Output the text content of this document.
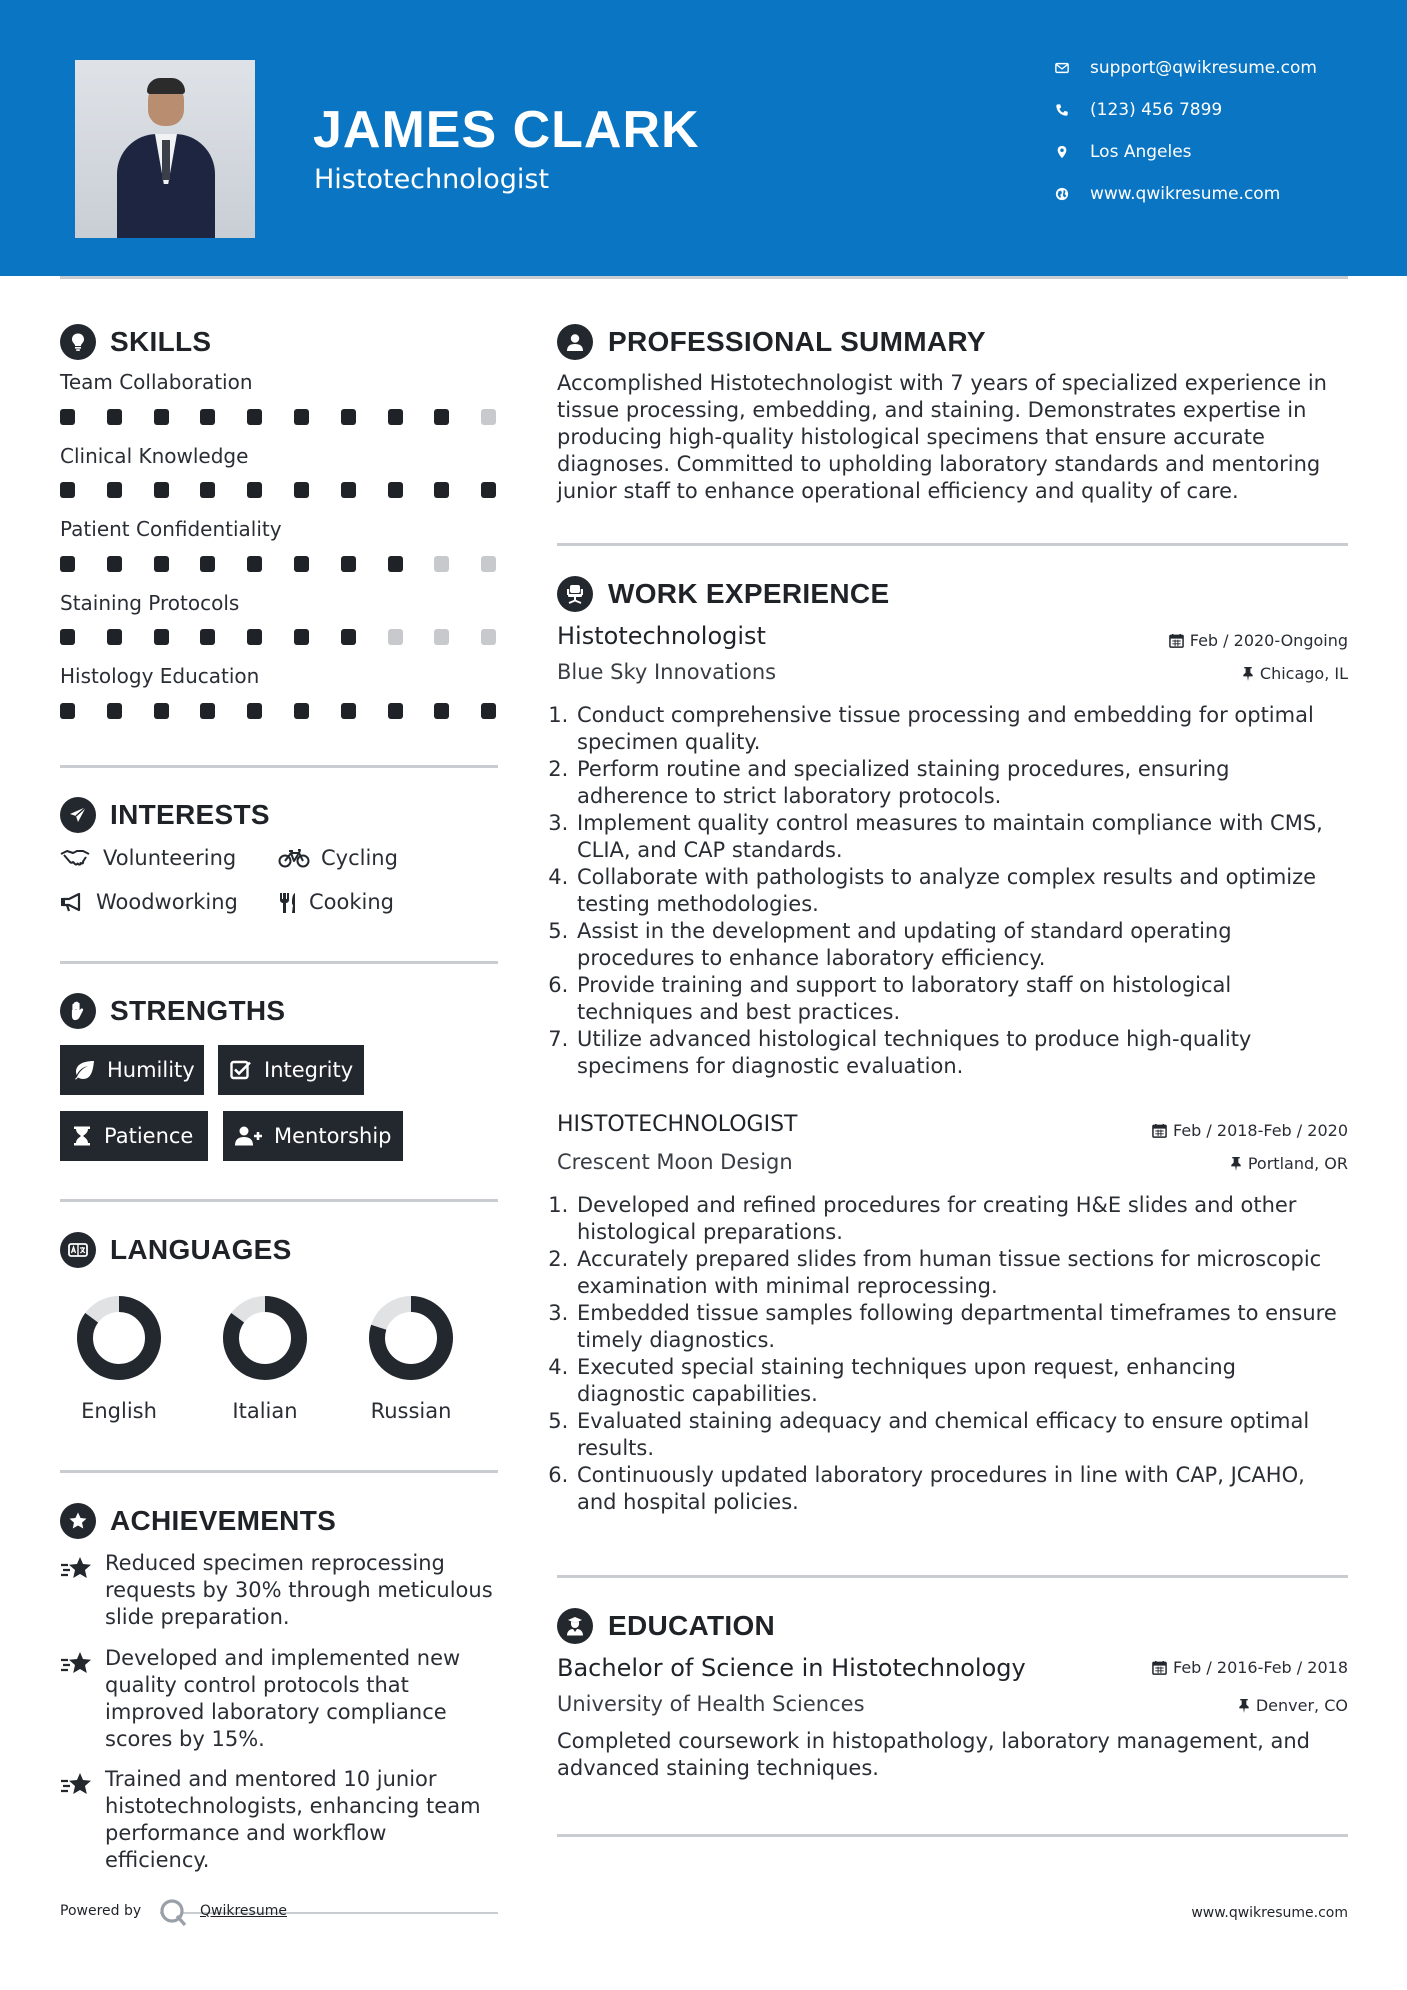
JAMES CLARK
Histotechnologist
support@qwikresume.com
(123) 456 7899
Los Angeles
www.qwikresume.com
SKILLS
Team Collaboration
Clinical Knowledge
Patient Confidentiality
Staining Protocols
Histology Education
INTERESTS
Volunteering	Cycling
Woodworking	Cooking
STRENGTHS
Humility	Integrity
Patience	Mentorship
LANGUAGES
English	Italian	Russian
ACHIEVEMENTS
Reduced specimen reprocessing requests by 30% through meticulous slide preparation.
Developed and implemented new quality control protocols that improved laboratory compliance scores by 15%.
Trained and mentored 10 junior histotechnologists, enhancing team performance and workflow efficiency.
PROFESSIONAL SUMMARY
Accomplished Histotechnologist with 7 years of specialized experience in tissue processing, embedding, and staining. Demonstrates expertise in producing high-quality histological specimens that ensure accurate diagnoses. Committed to upholding laboratory standards and mentoring junior staff to enhance operational efficiency and quality of care.
WORK EXPERIENCE
Histotechnologist	Feb / 2020-Ongoing
Blue Sky Innovations	Chicago, IL
1. Conduct comprehensive tissue processing and embedding for optimal specimen quality.
2. Perform routine and specialized staining procedures, ensuring adherence to strict laboratory protocols.
3. Implement quality control measures to maintain compliance with CMS, CLIA, and CAP standards.
4. Collaborate with pathologists to analyze complex results and optimize testing methodologies.
5. Assist in the development and updating of standard operating procedures to enhance laboratory efficiency.
6. Provide training and support to laboratory staff on histological techniques and best practices.
7. Utilize advanced histological techniques to produce high-quality specimens for diagnostic evaluation.
HISTOTECHNOLOGIST	Feb / 2018-Feb / 2020
Crescent Moon Design	Portland, OR
1. Developed and refined procedures for creating H&E slides and other histological preparations.
2. Accurately prepared slides from human tissue sections for microscopic examination with minimal reprocessing.
3. Embedded tissue samples following departmental timeframes to ensure timely diagnostics.
4. Executed special staining techniques upon request, enhancing diagnostic capabilities.
5. Evaluated staining adequacy and chemical efficacy to ensure optimal results.
6. Continuously updated laboratory procedures in line with CAP, JCAHO, and hospital policies.
EDUCATION
Bachelor of Science in Histotechnology	Feb / 2016-Feb / 2018
University of Health Sciences	Denver, CO
Completed coursework in histopathology, laboratory management, and advanced staining techniques.
Powered by	Qwikresume	www.qwikresume.com
